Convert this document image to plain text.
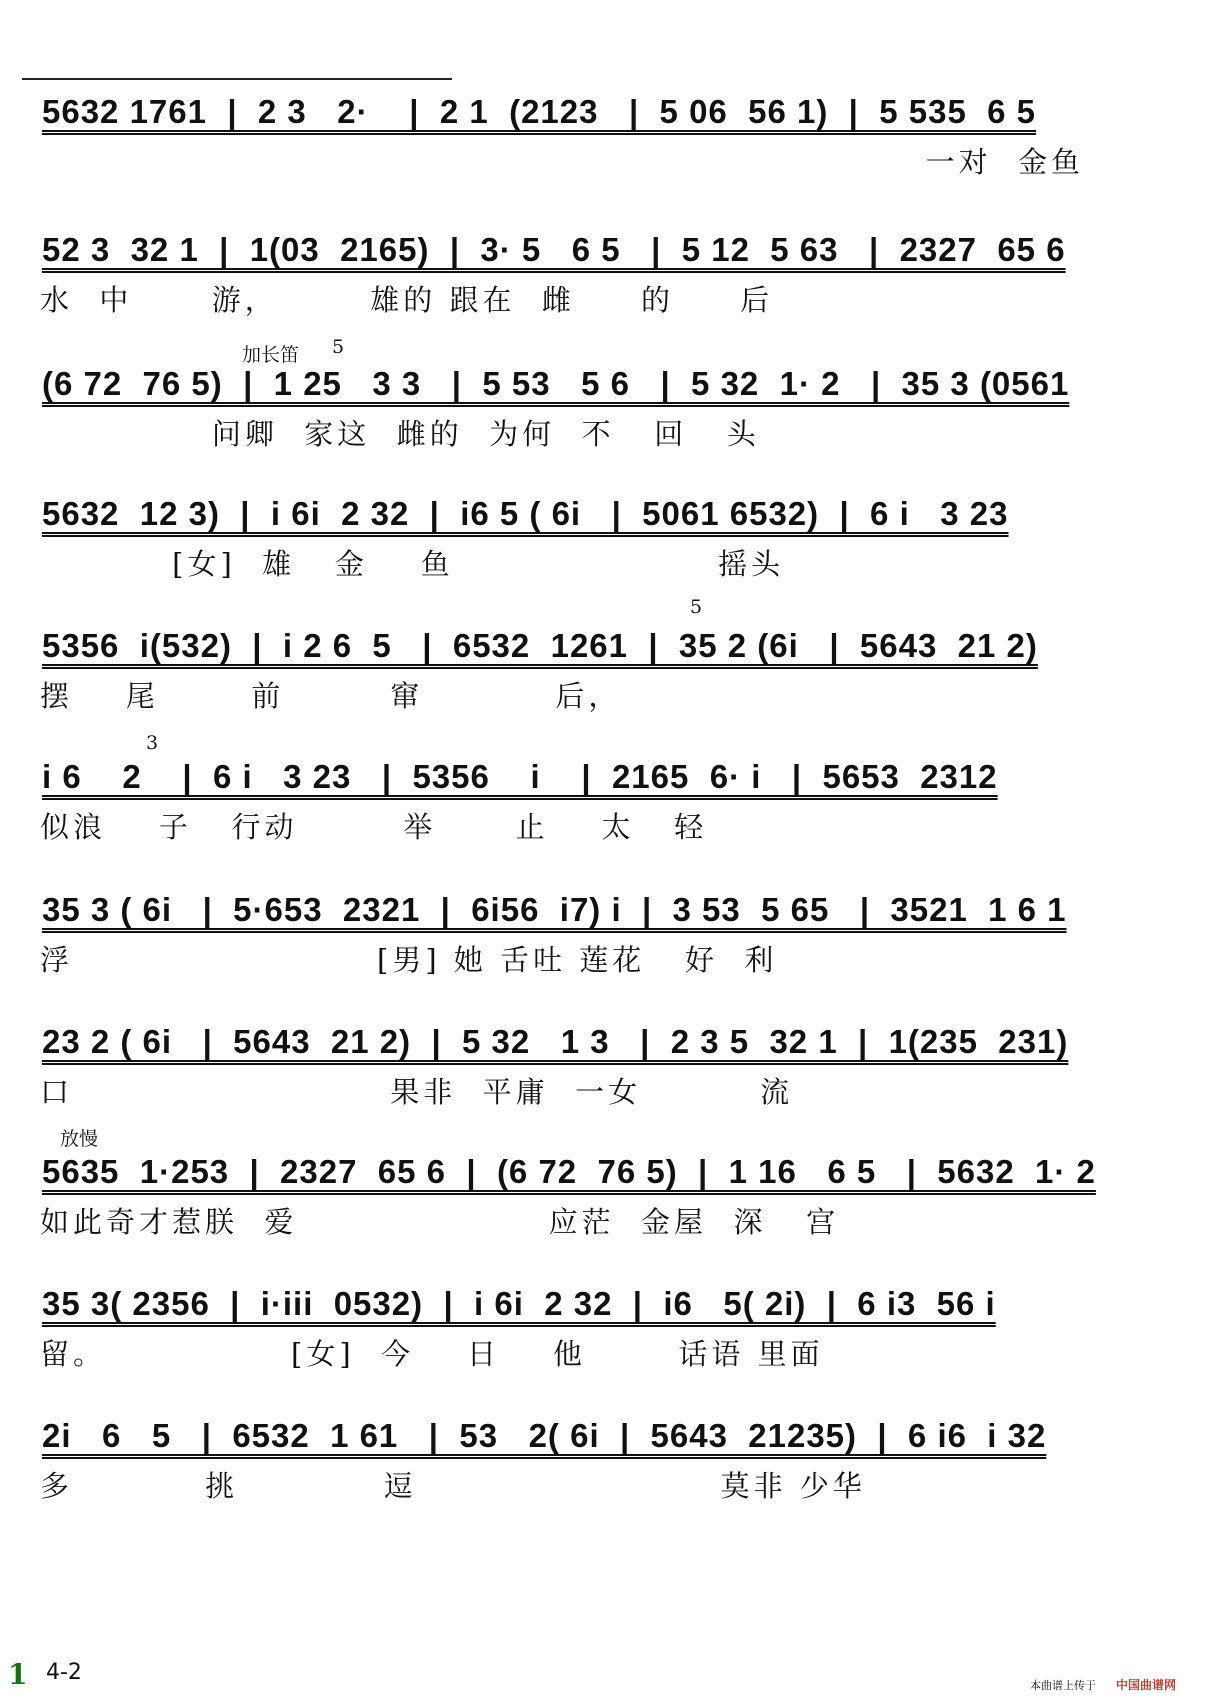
5632 1761  |  2 3   2·    |  2 1  (2123   |  5 06  56 1)  |  5 535  6 5
一对  金鱼
52 3  32 1  |  1(03  2165)  |  3· 5   6 5   |  5 12  5 63   |  2327  65 6
水  中      游，       雄的 跟在  雌     的     后
加长笛 5
(6 72  76 5)  |  1 25   3 3   |  5 53   5 6   |  5 32  1· 2   |  35 3 (0561
问卿  家这  雌的  为何  不   回   头
5632  12 3)  |  i 6i  2 32  |  i6 5 ( 6i   |  5061 6532)  |  6 i   3 23
[女]  雄   金    鱼                    摇头
5
5356  i(532)  |  i 2 6  5   |  6532  1261  |  35 2 (6i   |  5643  21 2)
摆    尾       前        窜          后，
3
i 6    2    |  6 i   3 23   |  5356    i    |  2165  6· i   |  5653  2312
似浪    子   行动        举      止    太   轻
35 3 ( 6i   |  5·653  2321  |  6i56  i7) i  |  3 53  5 65   |  3521  1 6 1
浮                       [男] 她 舌吐 莲花   好  利
23 2 ( 6i   |  5643  21 2)  |  5 32   1 3   |  2 3 5  32 1  |  1(235  231)
口                        果非  平庸  一女         流
放慢
5635  1·253  |  2327  65 6  |  (6 72  76 5)  |  1 16   6 5   |  5632  1· 2
如此奇才惹朕  爱                   应茫  金屋  深   宫
35 3( 2356  |  i·iii  0532)  |  i 6i  2 32  |  i6   5( 2i)  |  6 i3  56 i
留。              [女]  今    日    他       话语 里面
2i   6   5   |  6532  1 61   |  53   2( 6i  |  5643  21235)  |  6 i6  i 32
多          挑           逗                       莫非 少华
1 4-2
本曲谱上传于 中国曲谱网
